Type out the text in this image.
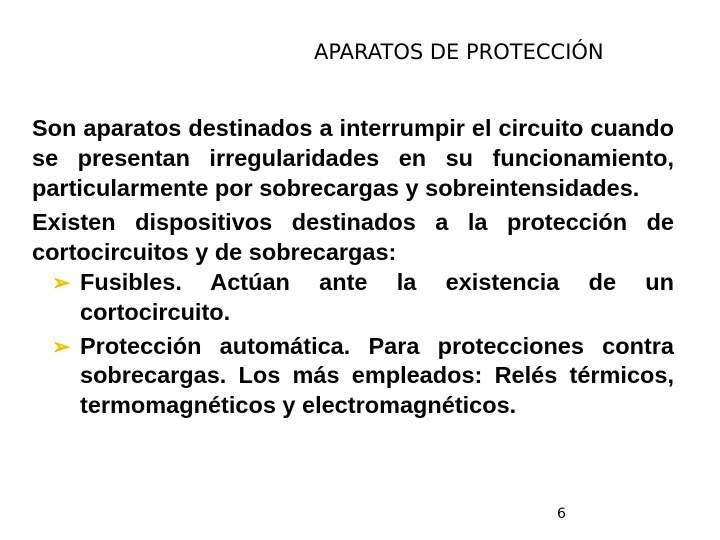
APARATOS DE PROTECCIÓN

Son aparatos destinados a interrumpir el circuito cuando se presentan irregularidades en su funcionamiento, particularmente por sobrecargas y sobreintensidades.

Existen dispositivos destinados a la protección de cortocircuitos y de sobrecargas:

➢ Fusibles. Actúan ante la existencia de un cortocircuito.
➢ Protección automática. Para protecciones contra sobrecargas. Los más empleados: Relés térmicos, termomagnéticos y electromagnéticos.
6
